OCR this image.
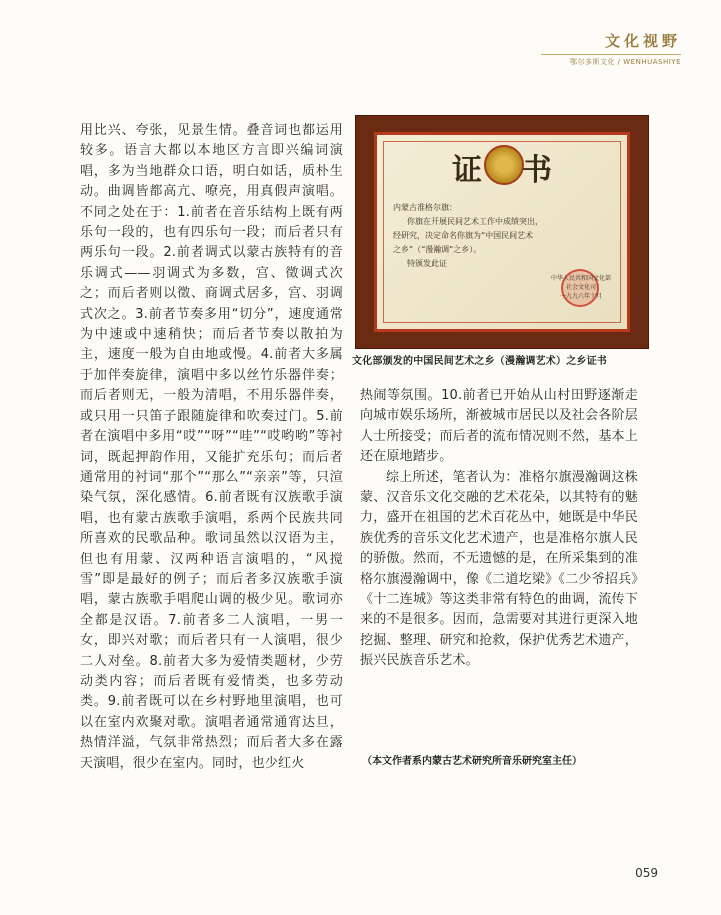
文化视野
鄂尔多斯文化 / WENHUASHIYE

用比兴、夸张，见景生情。叠音词也都运用较多。语言大都以本地区方言即兴编词演唱，多为当地群众口语，明白如话，质朴生动。曲调皆都高亢、嘹亮，用真假声演唱。不同之处在于：1.前者在音乐结构上既有两乐句一段的，也有四乐句一段；而后者只有两乐句一段。2.前者调式以蒙古族特有的音乐调式——羽调式为多数，宫、徵调式次之；而后者则以徵、商调式居多，宫、羽调式次之。3.前者节奏多用“切分”，速度通常为中速或中速稍快；而后者节奏以散拍为主，速度一般为自由地或慢。4.前者大多属于加伴奏旋律，演唱中多以丝竹乐器伴奏；而后者则无，一般为清唱，不用乐器伴奏，或只用一只笛子跟随旋律和吹奏过门。5.前者在演唱中多用“哎”“呀”“哇”“哎哟哟”等衬词，既起押韵作用，又能扩充乐句；而后者通常用的衬词“那个”“那么”“亲亲”等，只渲染气氛，深化感情。6.前者既有汉族歌手演唱，也有蒙古族歌手演唱，系两个民族共同所喜欢的民歌品种。歌词虽然以汉语为主，但也有用蒙、汉两种语言演唱的，“风搅雪”即是最好的例子；而后者多汉族歌手演唱，蒙古族歌手唱爬山调的极少见。歌词亦全都是汉语。7.前者多二人演唱，一男一女，即兴对歌；而后者只有一人演唱，很少二人对垒。8.前者大多为爱情类题材，少劳动类内容；而后者既有爱情类，也多劳动类。9.前者既可以在乡村野地里演唱，也可以在室内欢聚对歌。演唱者通常通宵达旦，热情洋溢，气氛非常热烈；而后者大多在露天演唱，很少在室内。同时，也少红火

证书
内蒙古准格尔旗：
你旗在开展民间艺术工作中成绩突出，
经研究，决定命名你旗为“中国民间艺术
之乡”（“漫瀚调”之乡）。
特颁发此证
中华人民共和国文化部
社会文化司
一九九六年十月
文化部颁发的中国民间艺术之乡（漫瀚调艺术）之乡证书

热闹等氛围。10.前者已开始从山村田野逐渐走向城市娱乐场所，渐被城市居民以及社会各阶层人士所接受；而后者的流布情况则不然，基本上还在原地踏步。

综上所述，笔者认为：准格尔旗漫瀚调这株蒙、汉音乐文化交融的艺术花朵，以其特有的魅力，盛开在祖国的艺术百花丛中，她既是中华民族优秀的音乐文化艺术遗产，也是准格尔旗人民的骄傲。然而，不无遗憾的是，在所采集到的准格尔旗漫瀚调中，像《二道圪梁》《二少爷招兵》《十二连城》等这类非常有特色的曲调，流传下来的不是很多。因而，急需要对其进行更深入地挖掘、整理、研究和抢救，保护优秀艺术遗产，振兴民族音乐艺术。

（本文作者系内蒙古艺术研究所音乐研究室主任）
059
